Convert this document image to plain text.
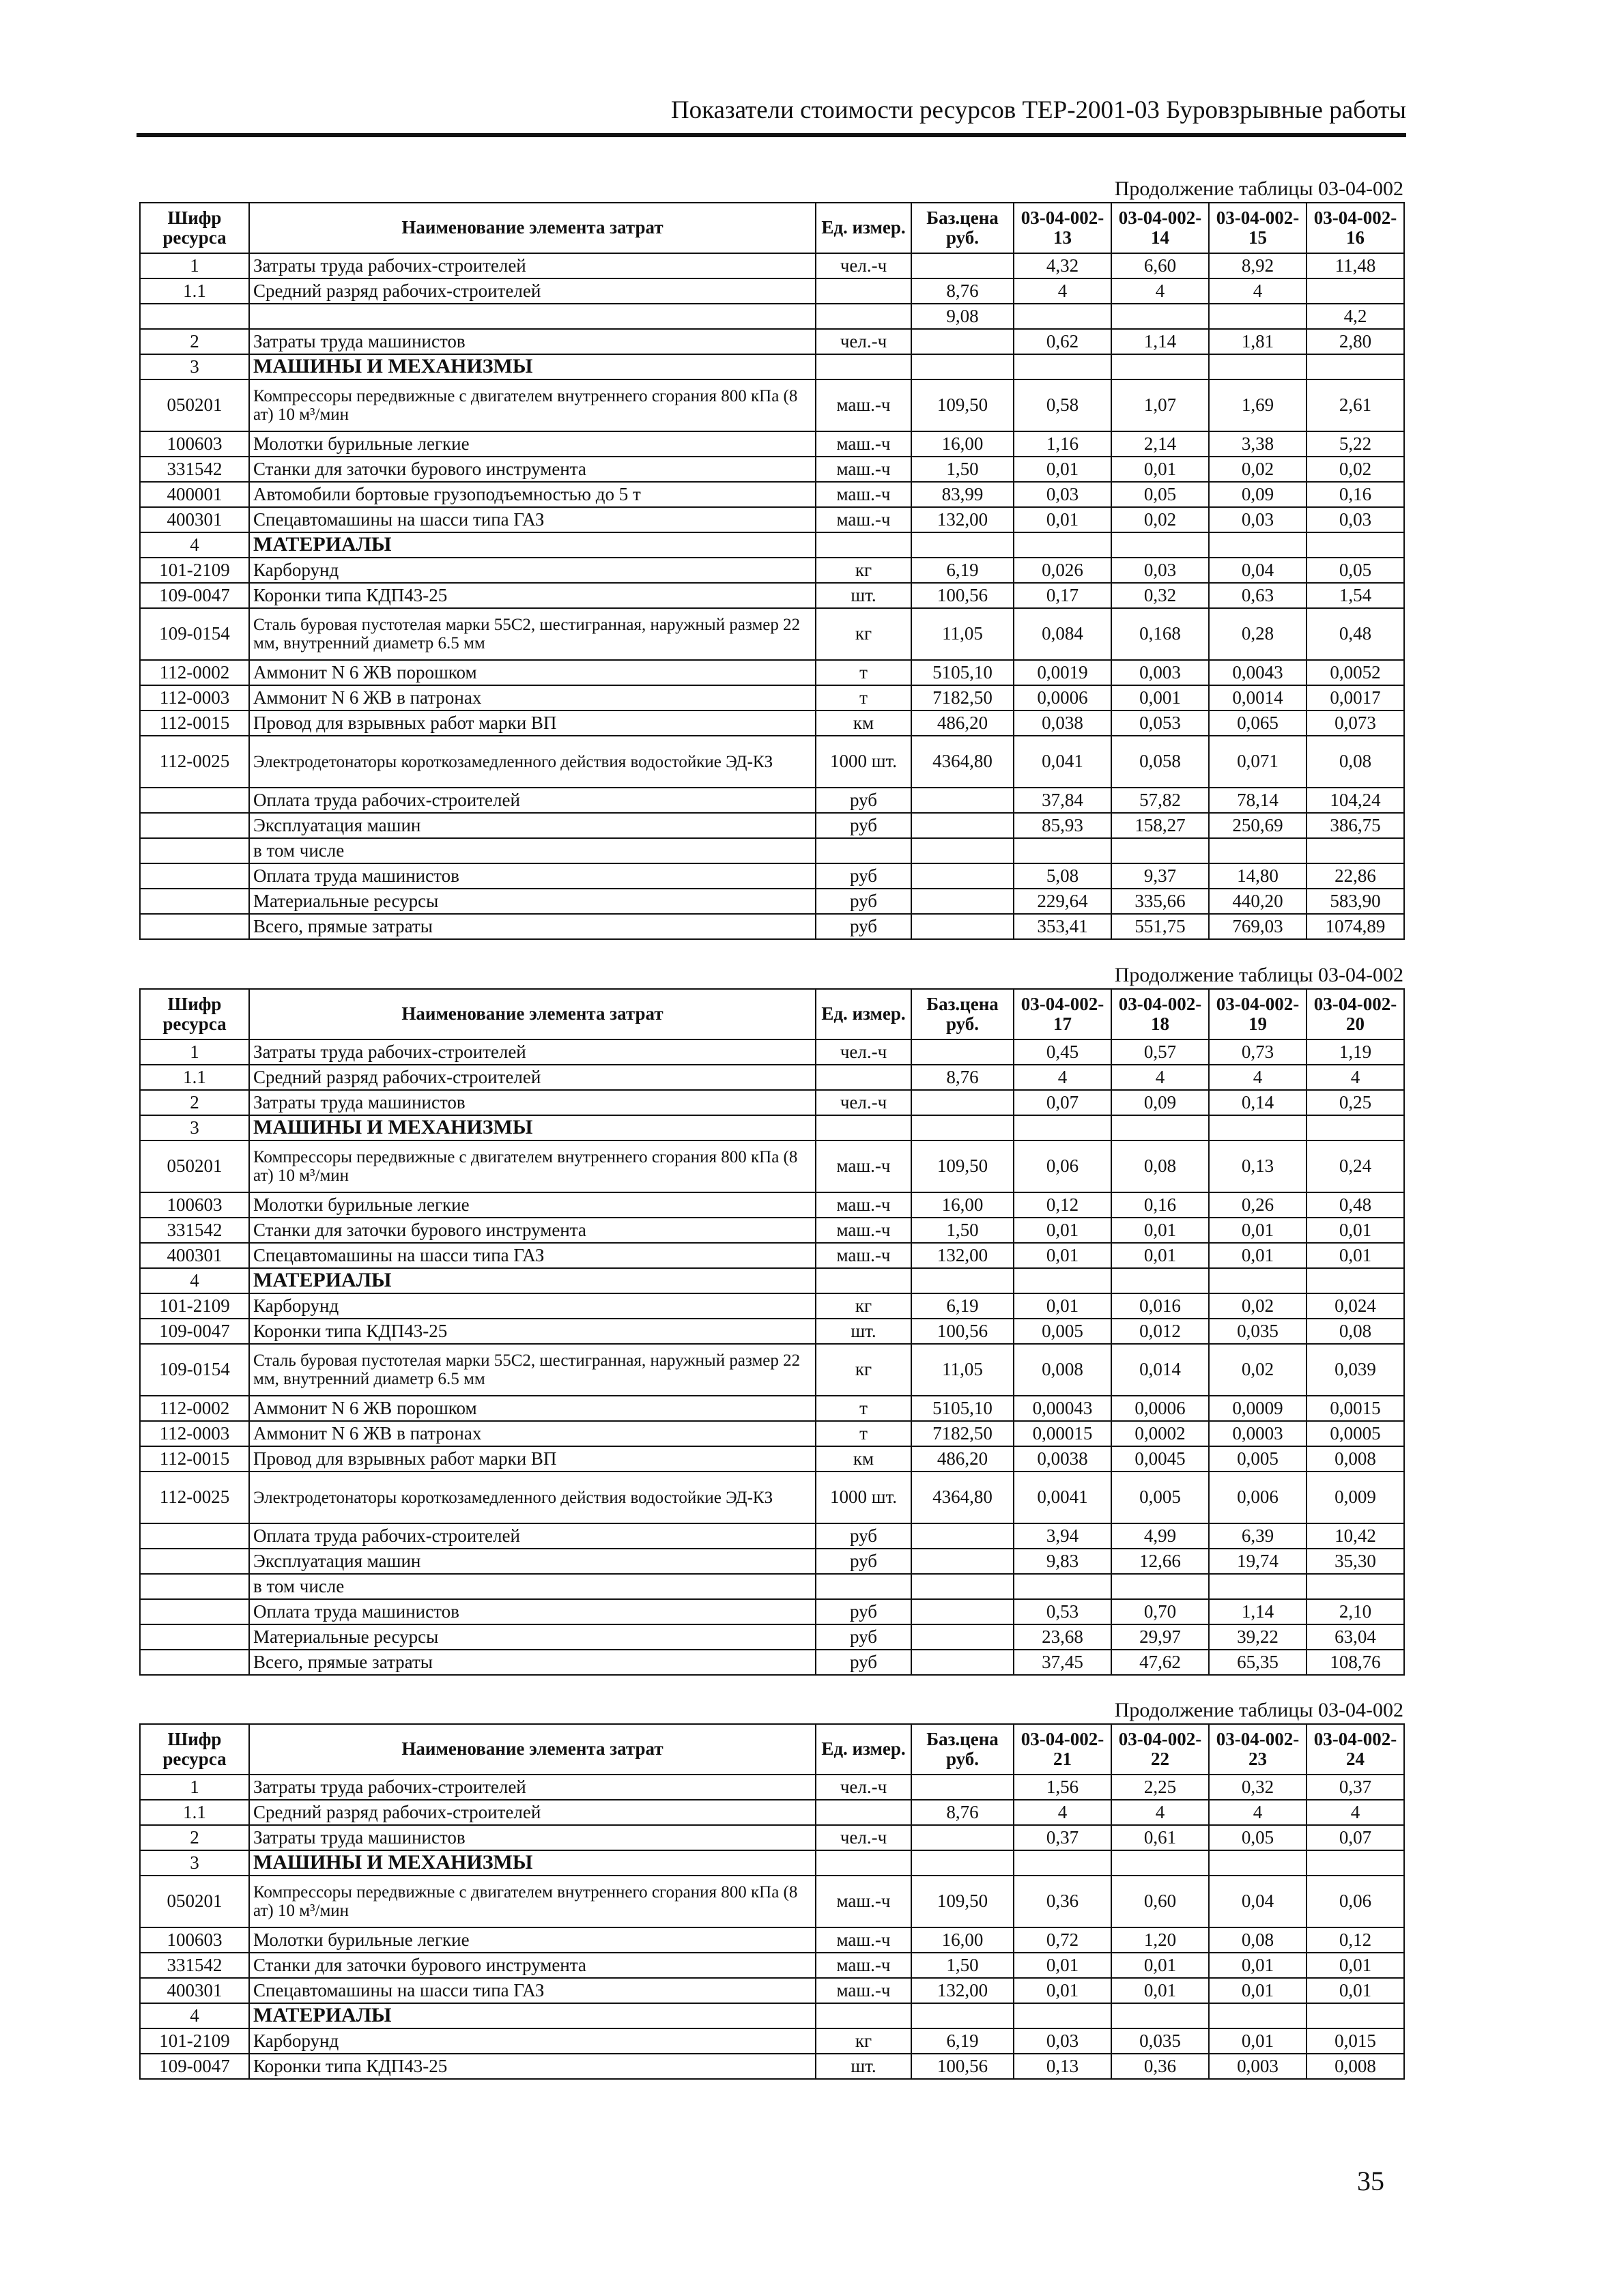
Показатели стоимости ресурсов ТЕР-2001-03 Буровзрывные работы
Продолжение таблицы 03-04-002
Шифр ресурса	Наименование элемента затрат	Ед. измер.	Баз.цена руб.	03-04-002-13	03-04-002-14	03-04-002-15	03-04-002-16
1	Затраты труда рабочих-строителей	чел.-ч		4,32	6,60	8,92	11,48
1.1	Средний разряд рабочих-строителей		8,76	4	4	4	
			9,08				4,2
2	Затраты труда машинистов	чел.-ч		0,62	1,14	1,81	2,80
3	МАШИНЫ И МЕХАНИЗМЫ						
050201	Компрессоры передвижные с двигателем внутреннего сгорания 800 кПа (8 ат) 10 м³/мин	маш.-ч	109,50	0,58	1,07	1,69	2,61
100603	Молотки бурильные легкие	маш.-ч	16,00	1,16	2,14	3,38	5,22
331542	Станки для заточки бурового инструмента	маш.-ч	1,50	0,01	0,01	0,02	0,02
400001	Автомобили бортовые грузоподъемностью до 5 т	маш.-ч	83,99	0,03	0,05	0,09	0,16
400301	Спецавтомашины на шасси типа ГАЗ	маш.-ч	132,00	0,01	0,02	0,03	0,03
4	МАТЕРИАЛЫ						
101-2109	Карборунд	кг	6,19	0,026	0,03	0,04	0,05
109-0047	Коронки типа КДП43-25	шт.	100,56	0,17	0,32	0,63	1,54
109-0154	Сталь буровая пустотелая марки 55С2, шестигранная, наружный размер 22 мм, внутренний диаметр 6.5 мм	кг	11,05	0,084	0,168	0,28	0,48
112-0002	Аммонит N 6 ЖВ порошком	т	5105,10	0,0019	0,003	0,0043	0,0052
112-0003	Аммонит N 6 ЖВ в патронах	т	7182,50	0,0006	0,001	0,0014	0,0017
112-0015	Провод для взрывных работ марки ВП	км	486,20	0,038	0,053	0,065	0,073
112-0025	Электродетонаторы короткозамедленного действия водостойкие ЭД-КЗ	1000 шт.	4364,80	0,041	0,058	0,071	0,08
	Оплата труда рабочих-строителей	руб		37,84	57,82	78,14	104,24
	Эксплуатация машин	руб		85,93	158,27	250,69	386,75
	в том числе						
	Оплата труда машинистов	руб		5,08	9,37	14,80	22,86
	Материальные ресурсы	руб		229,64	335,66	440,20	583,90
	Всего, прямые затраты	руб		353,41	551,75	769,03	1074,89
Продолжение таблицы 03-04-002
Шифр ресурса	Наименование элемента затрат	Ед. измер.	Баз.цена руб.	03-04-002-17	03-04-002-18	03-04-002-19	03-04-002-20
1	Затраты труда рабочих-строителей	чел.-ч		0,45	0,57	0,73	1,19
1.1	Средний разряд рабочих-строителей		8,76	4	4	4	4
2	Затраты труда машинистов	чел.-ч		0,07	0,09	0,14	0,25
3	МАШИНЫ И МЕХАНИЗМЫ						
050201	Компрессоры передвижные с двигателем внутреннего сгорания 800 кПа (8 ат) 10 м³/мин	маш.-ч	109,50	0,06	0,08	0,13	0,24
100603	Молотки бурильные легкие	маш.-ч	16,00	0,12	0,16	0,26	0,48
331542	Станки для заточки бурового инструмента	маш.-ч	1,50	0,01	0,01	0,01	0,01
400301	Спецавтомашины на шасси типа ГАЗ	маш.-ч	132,00	0,01	0,01	0,01	0,01
4	МАТЕРИАЛЫ						
101-2109	Карборунд	кг	6,19	0,01	0,016	0,02	0,024
109-0047	Коронки типа КДП43-25	шт.	100,56	0,005	0,012	0,035	0,08
109-0154	Сталь буровая пустотелая марки 55С2, шестигранная, наружный размер 22 мм, внутренний диаметр 6.5 мм	кг	11,05	0,008	0,014	0,02	0,039
112-0002	Аммонит N 6 ЖВ порошком	т	5105,10	0,00043	0,0006	0,0009	0,0015
112-0003	Аммонит N 6 ЖВ в патронах	т	7182,50	0,00015	0,0002	0,0003	0,0005
112-0015	Провод для взрывных работ марки ВП	км	486,20	0,0038	0,0045	0,005	0,008
112-0025	Электродетонаторы короткозамедленного действия водостойкие ЭД-КЗ	1000 шт.	4364,80	0,0041	0,005	0,006	0,009
	Оплата труда рабочих-строителей	руб		3,94	4,99	6,39	10,42
	Эксплуатация машин	руб		9,83	12,66	19,74	35,30
	в том числе						
	Оплата труда машинистов	руб		0,53	0,70	1,14	2,10
	Материальные ресурсы	руб		23,68	29,97	39,22	63,04
	Всего, прямые затраты	руб		37,45	47,62	65,35	108,76
Продолжение таблицы 03-04-002
Шифр ресурса	Наименование элемента затрат	Ед. измер.	Баз.цена руб.	03-04-002-21	03-04-002-22	03-04-002-23	03-04-002-24
1	Затраты труда рабочих-строителей	чел.-ч		1,56	2,25	0,32	0,37
1.1	Средний разряд рабочих-строителей		8,76	4	4	4	4
2	Затраты труда машинистов	чел.-ч		0,37	0,61	0,05	0,07
3	МАШИНЫ И МЕХАНИЗМЫ						
050201	Компрессоры передвижные с двигателем внутреннего сгорания 800 кПа (8 ат) 10 м³/мин	маш.-ч	109,50	0,36	0,60	0,04	0,06
100603	Молотки бурильные легкие	маш.-ч	16,00	0,72	1,20	0,08	0,12
331542	Станки для заточки бурового инструмента	маш.-ч	1,50	0,01	0,01	0,01	0,01
400301	Спецавтомашины на шасси типа ГАЗ	маш.-ч	132,00	0,01	0,01	0,01	0,01
4	МАТЕРИАЛЫ						
101-2109	Карборунд	кг	6,19	0,03	0,035	0,01	0,015
109-0047	Коронки типа КДП43-25	шт.	100,56	0,13	0,36	0,003	0,008
35
